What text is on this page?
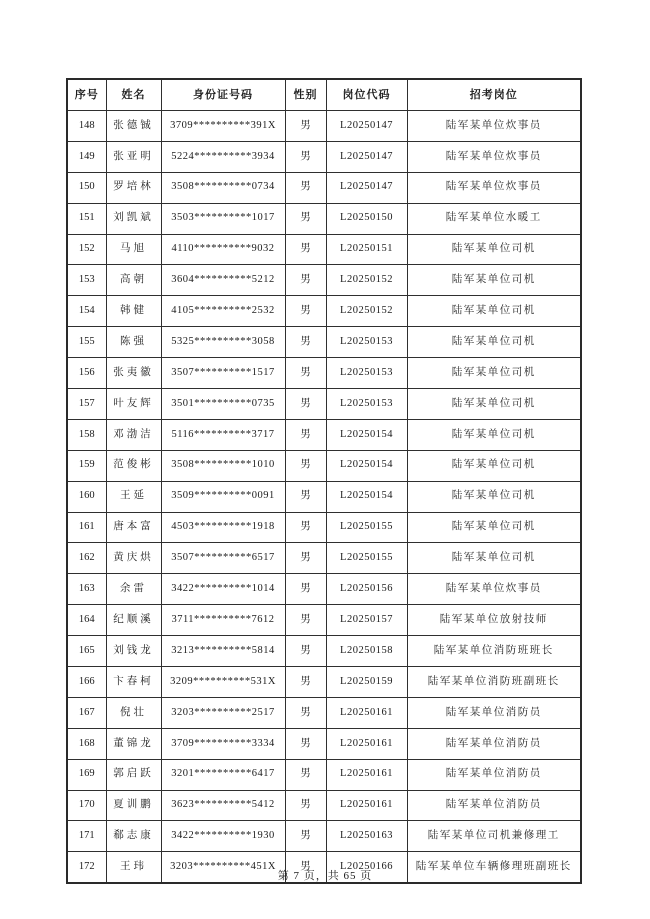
序号	姓名	身份证号码	性别	岗位代码	招考岗位
148	张德铖	3709**********391X	男	L20250147	陆军某单位炊事员
149	张亚明	5224**********3934	男	L20250147	陆军某单位炊事员
150	罗培林	3508**********0734	男	L20250147	陆军某单位炊事员
151	刘凯斌	3503**********1017	男	L20250150	陆军某单位水暖工
152	马旭	4110**********9032	男	L20250151	陆军某单位司机
153	高朝	3604**********5212	男	L20250152	陆军某单位司机
154	韩健	4105**********2532	男	L20250152	陆军某单位司机
155	陈强	5325**********3058	男	L20250153	陆军某单位司机
156	张夷徽	3507**********1517	男	L20250153	陆军某单位司机
157	叶友辉	3501**********0735	男	L20250153	陆军某单位司机
158	邓渤洁	5116**********3717	男	L20250154	陆军某单位司机
159	范俊彬	3508**********1010	男	L20250154	陆军某单位司机
160	王延	3509**********0091	男	L20250154	陆军某单位司机
161	唐本富	4503**********1918	男	L20250155	陆军某单位司机
162	黄庆烘	3507**********6517	男	L20250155	陆军某单位司机
163	余雷	3422**********1014	男	L20250156	陆军某单位炊事员
164	纪顺溪	3711**********7612	男	L20250157	陆军某单位放射技师
165	刘钱龙	3213**********5814	男	L20250158	陆军某单位消防班班长
166	卞春柯	3209**********531X	男	L20250159	陆军某单位消防班副班长
167	倪壮	3203**********2517	男	L20250161	陆军某单位消防员
168	董锦龙	3709**********3334	男	L20250161	陆军某单位消防员
169	郭启跃	3201**********6417	男	L20250161	陆军某单位消防员
170	夏训鹏	3623**********5412	男	L20250161	陆军某单位消防员
171	郗志康	3422**********1930	男	L20250163	陆军某单位司机兼修理工
172	王玮	3203**********451X	男	L20250166	陆军某单位车辆修理班副班长
第 7 页，共 65 页
